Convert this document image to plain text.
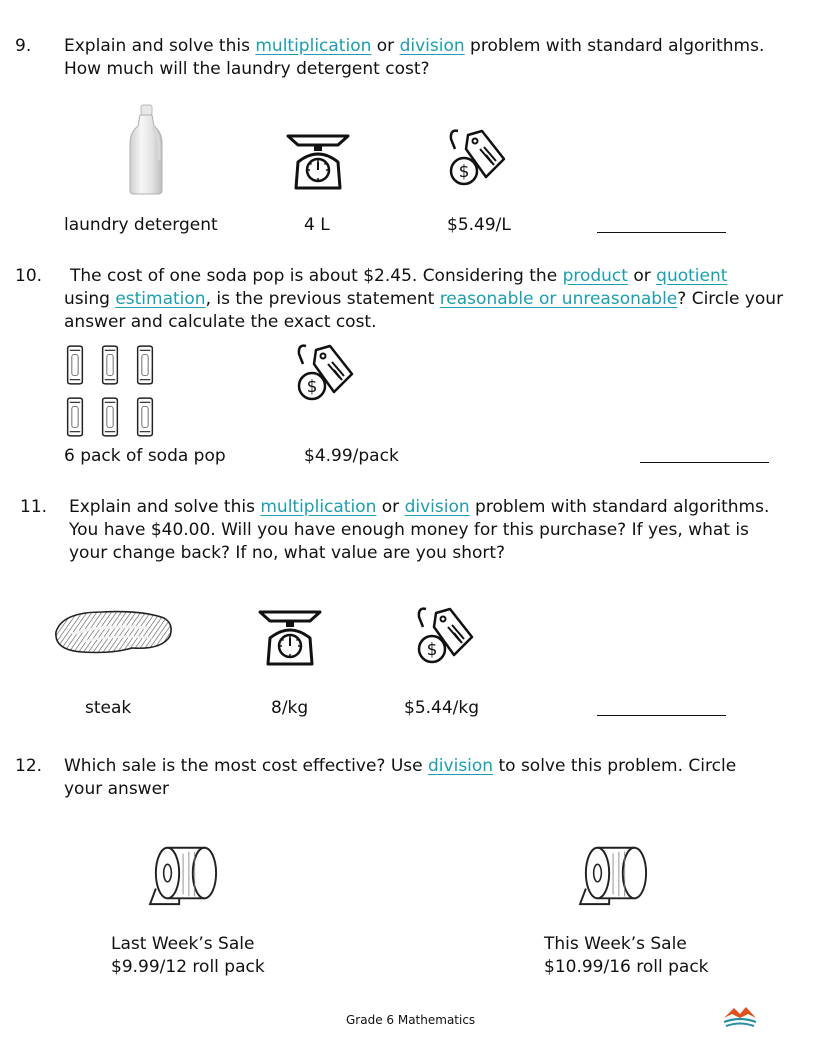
9. Explain and solve this multiplication or division problem with standard algorithms.
How much will the laundry detergent cost?
laundry detergent	4 L	$5.49/L
10. The cost of one soda pop is about $2.45. Considering the product or quotient
using estimation, is the previous statement reasonable or unreasonable? Circle your
answer and calculate the exact cost.
6 pack of soda pop	$4.99/pack
11. Explain and solve this multiplication or division problem with standard algorithms.
You have $40.00. Will you have enough money for this purchase? If yes, what is
your change back? If no, what value are you short?
steak	8/kg	$5.44/kg
12. Which sale is the most cost effective? Use division to solve this problem. Circle
your answer
Last Week’s Sale
$9.99/12 roll pack
This Week’s Sale
$10.99/16 roll pack
Grade 6 Mathematics
